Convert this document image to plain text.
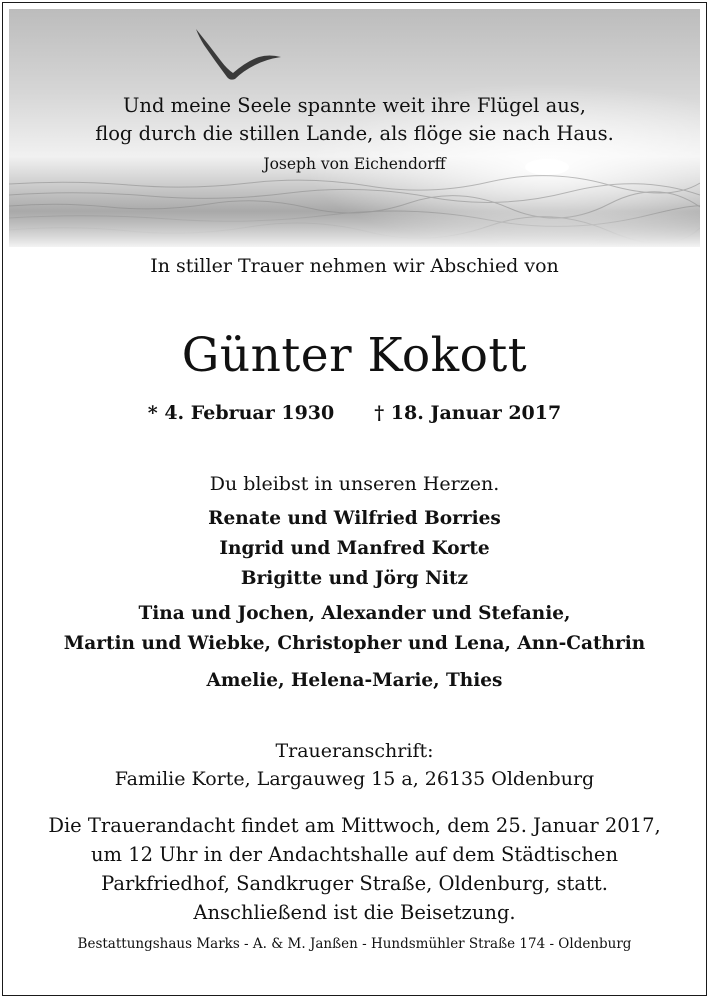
Und meine Seele spannte weit ihre Flügel aus,
flog durch die stillen Lande, als flöge sie nach Haus.
Joseph von Eichendorff
In stiller Trauer nehmen wir Abschied von
Günter Kokott
* 4. Februar 1930 † 18. Januar 2017
Du bleibst in unseren Herzen.
Renate und Wilfried Borries
Ingrid und Manfred Korte
Brigitte und Jörg Nitz
Tina und Jochen, Alexander und Stefanie,
Martin und Wiebke, Christopher und Lena, Ann-Cathrin
Amelie, Helena-Marie, Thies
Traueranschrift:
Familie Korte, Largauweg 15 a, 26135 Oldenburg
Die Trauerandacht findet am Mittwoch, dem 25. Januar 2017,
um 12 Uhr in der Andachtshalle auf dem Städtischen
Parkfriedhof, Sandkruger Straße, Oldenburg, statt.
Anschließend ist die Beisetzung.
Bestattungshaus Marks - A. & M. Janßen - Hundsmühler Straße 174 - Oldenburg
